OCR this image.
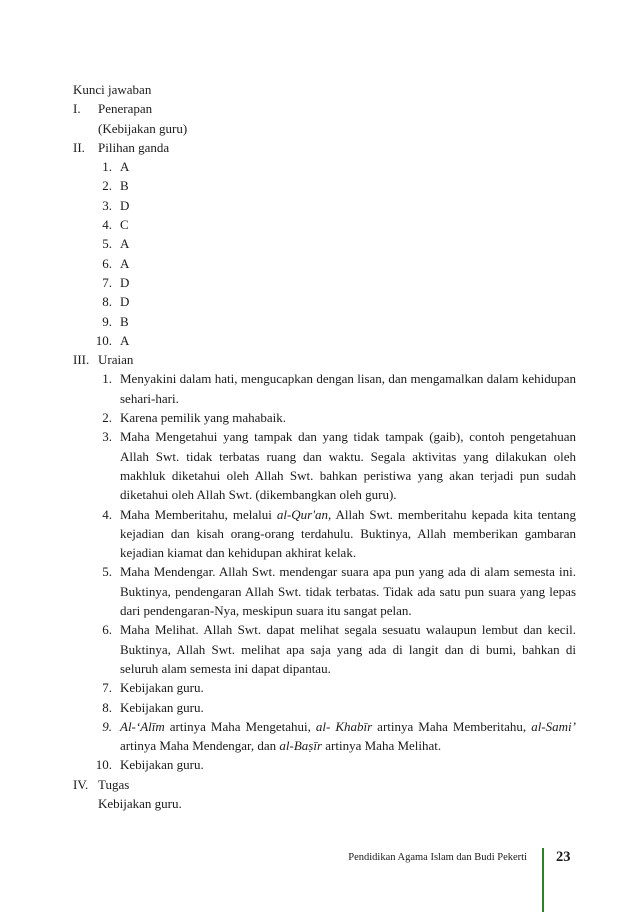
Kunci jawaban
I. Penerapan
(Kebijakan guru)
II. Pilihan ganda
1. A
2. B
3. D
4. C
5. A
6. A
7. D
8. D
9. B
10. A
III. Uraian
1. Menyakini dalam hati, mengucapkan dengan lisan, dan mengamalkan dalam kehidupan sehari-hari.
2. Karena pemilik yang mahabaik.
3. Maha Mengetahui yang tampak dan yang tidak tampak (gaib), contoh pengetahuan Allah Swt. tidak terbatas ruang dan waktu. Segala aktivitas yang dilakukan oleh makhluk diketahui oleh Allah Swt. bahkan peristiwa yang akan terjadi pun sudah diketahui oleh Allah Swt. (dikembangkan oleh guru).
4. Maha Memberitahu, melalui al-Qur'an, Allah Swt. memberitahu kepada kita tentang kejadian dan kisah orang-orang terdahulu. Buktinya, Allah memberikan gambaran kejadian kiamat dan kehidupan akhirat kelak.
5. Maha Mendengar. Allah Swt. mendengar suara apa pun yang ada di alam semesta ini. Buktinya, pendengaran Allah Swt. tidak terbatas. Tidak ada satu pun suara yang lepas dari pendengaran-Nya, meskipun suara itu sangat pelan.
6. Maha Melihat. Allah Swt. dapat melihat segala sesuatu walaupun lembut dan kecil. Buktinya, Allah Swt. melihat apa saja yang ada di langit dan di bumi, bahkan di seluruh alam semesta ini dapat dipantau.
7. Kebijakan guru.
8. Kebijakan guru.
9. Al-‘Alīm artinya Maha Mengetahui, al- Khabīr artinya Maha Memberitahu, al-Sami’ artinya Maha Mendengar, dan al-Baṣīr artinya Maha Melihat.
10. Kebijakan guru.
IV. Tugas
Kebijakan guru.
Pendidikan Agama Islam dan Budi Pekerti 23
